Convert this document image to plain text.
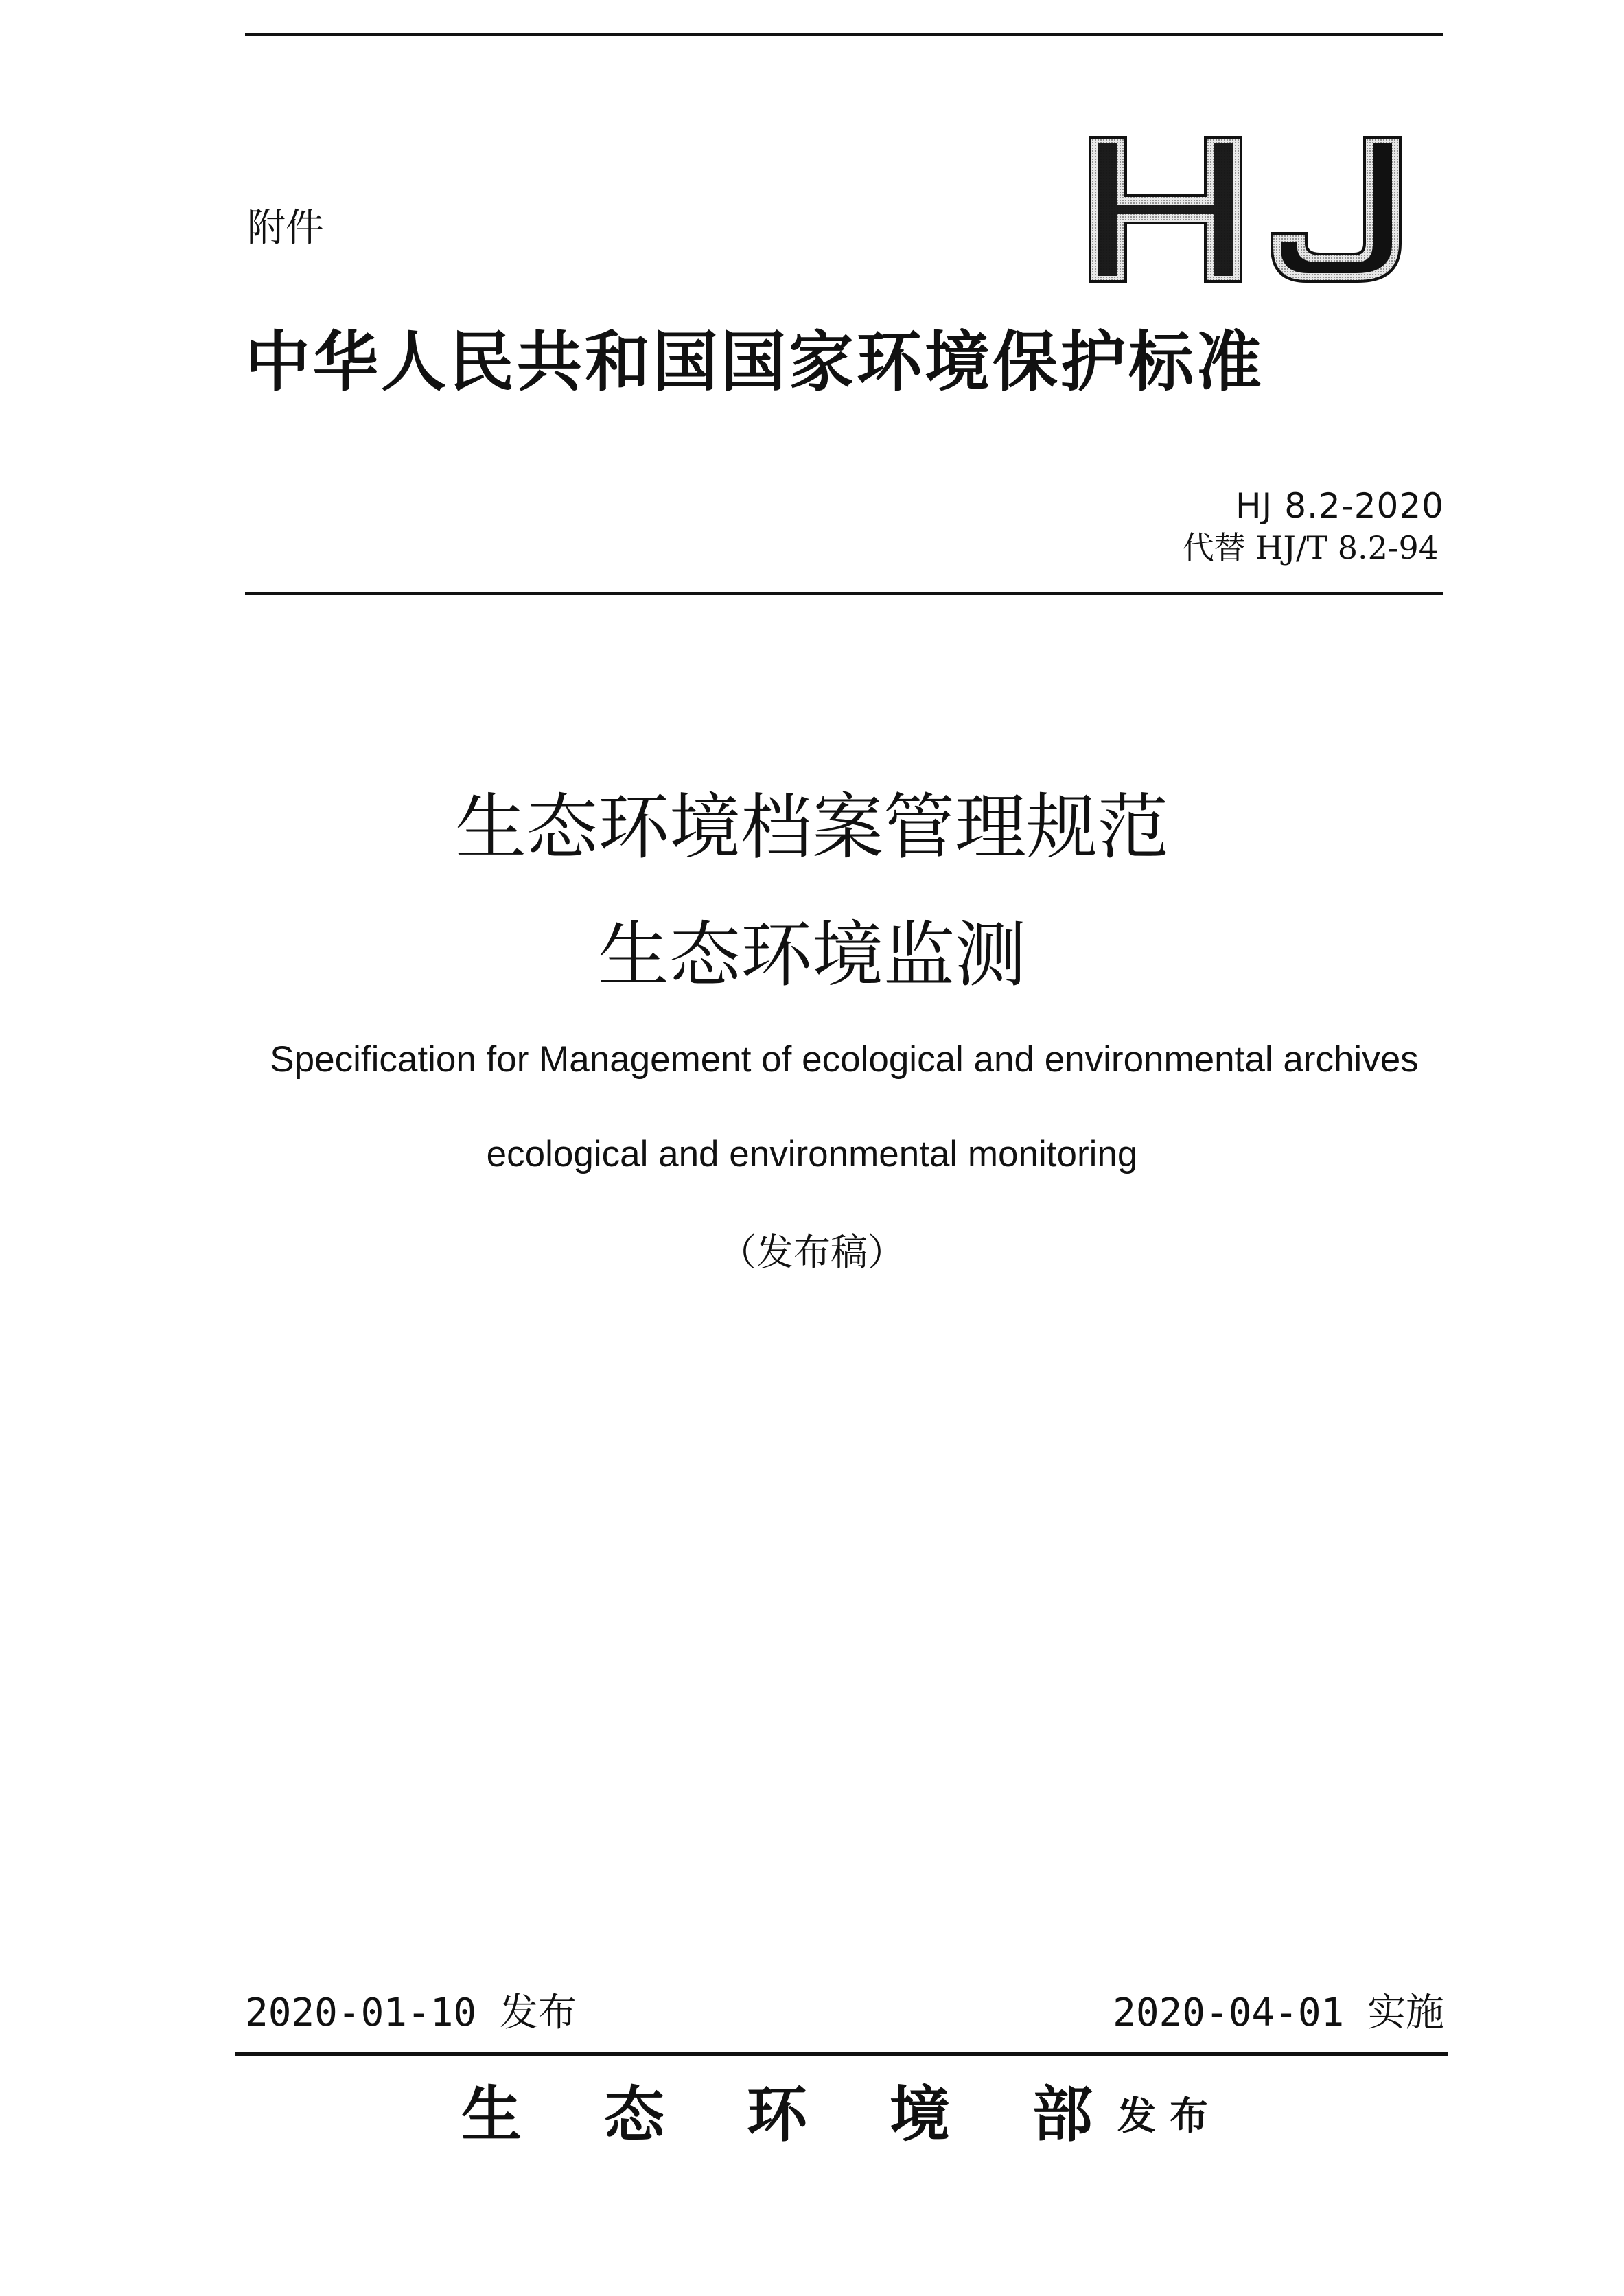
附件
中华人民共和国国家环境保护标准
HJ 8.2-2020
代替 HJ/T 8.2-94
生态环境档案管理规范
生态环境监测
Specification for Management of ecological and environmental archives
ecological and environmental monitoring
（发布稿）
2020-01-10 发布	2020-04-01 实施
生 态 环 境 部 发布
